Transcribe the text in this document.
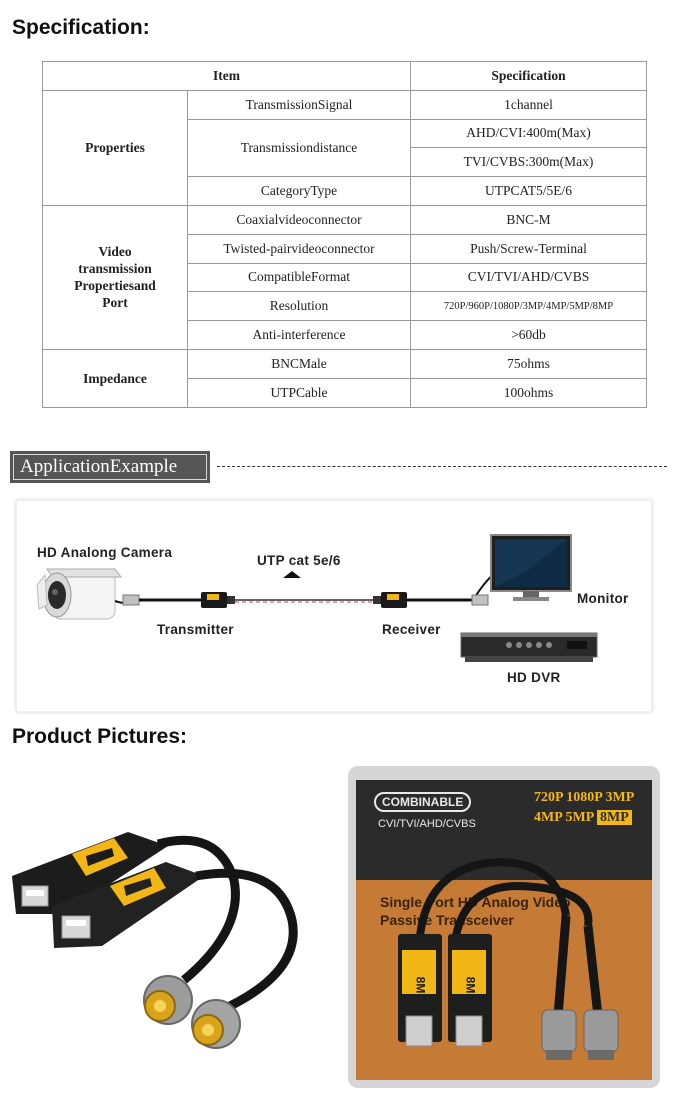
Specification:
Item		Specification
Properties	TransmissionSignal	1channel
	Transmissiondistance	AHD/CVI:400m(Max)
		TVI/CVBS:300m(Max)
	CategoryType	UTPCAT5/5E/6
Video
transmission
Propertiesand
Port	Coaxialvideoconnector	BNC-M
	Twisted-pairvideoconnector	Push/Screw-Terminal
	CompatibleFormat	CVI/TVI/AHD/CVBS
	Resolution	720P/960P/1080P/3MP/4MP/5MP/8MP
	Anti-interference	>60db
Impedance	BNCMale	75ohms
	UTPCable	100ohms
ApplicationExample
HD Analong Camera
UTP cat 5e/6
Transmitter	Receiver
Monitor
HD DVR
Product Pictures:
COMBINABLE
CVI/TVI/AHD/CVBS
720P 1080P 3MP
4MP 5MP 8MP
Single Port HD Analog Video
Passive Transceiver
8MP	8MP
